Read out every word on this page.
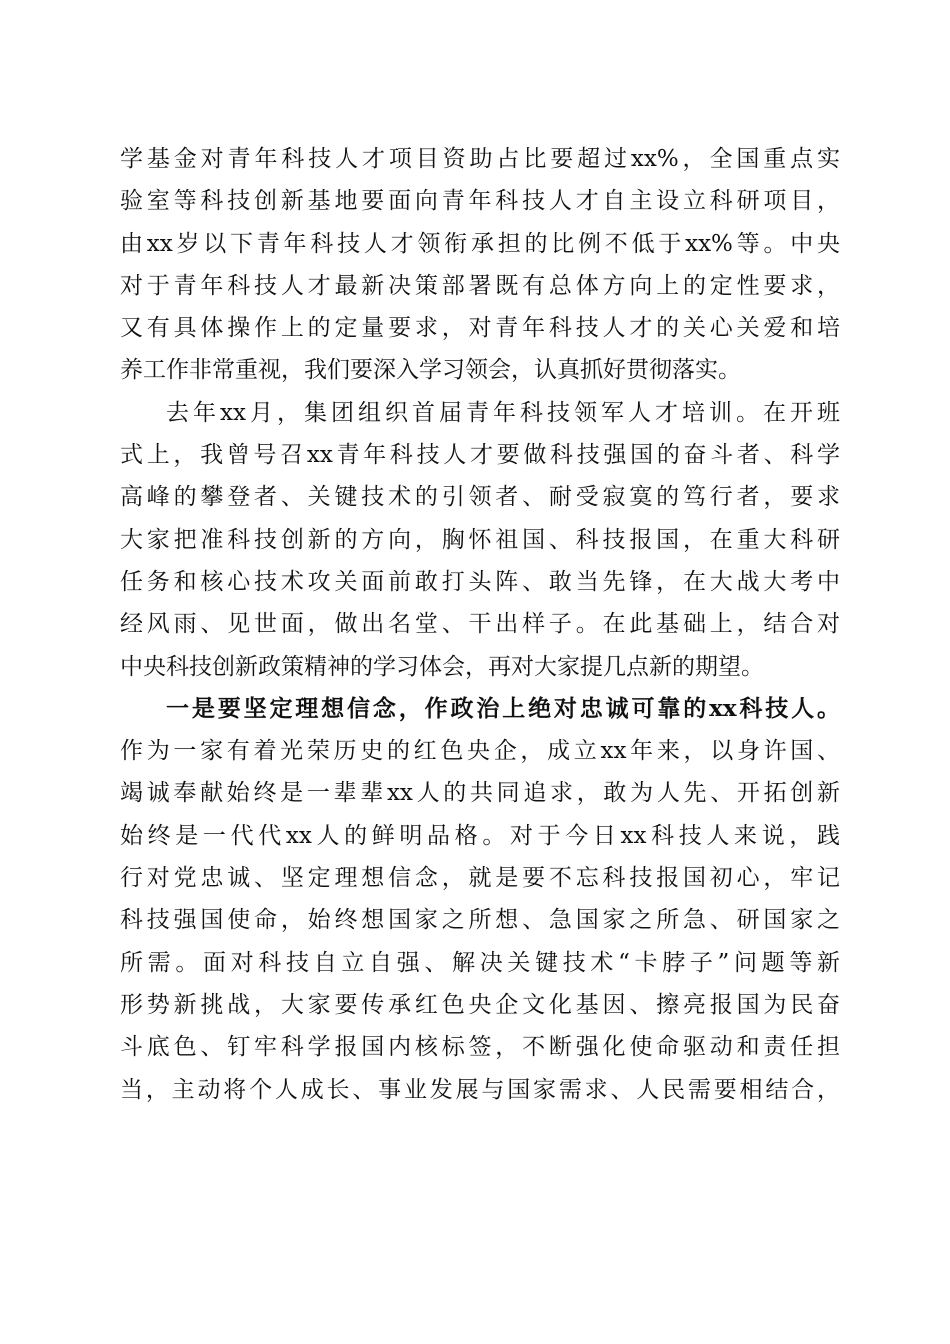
学基金对青年科技人才项目资助占比要超过xx%，全国重点实
验室等科技创新基地要面向青年科技人才自主设立科研项目，
由xx岁以下青年科技人才领衔承担的比例不低于xx%等。中央
对于青年科技人才最新决策部署既有总体方向上的定性要求，
又有具体操作上的定量要求，对青年科技人才的关心关爱和培
养工作非常重视，我们要深入学习领会，认真抓好贯彻落实。
去年xx月，集团组织首届青年科技领军人才培训。在开班
式上，我曾号召xx青年科技人才要做科技强国的奋斗者、科学
高峰的攀登者、关键技术的引领者、耐受寂寞的笃行者，要求
大家把准科技创新的方向，胸怀祖国、科技报国，在重大科研
任务和核心技术攻关面前敢打头阵、敢当先锋，在大战大考中
经风雨、见世面，做出名堂、干出样子。在此基础上，结合对
中央科技创新政策精神的学习体会，再对大家提几点新的期望。
一是要坚定理想信念，作政治上绝对忠诚可靠的xx科技人。
作为一家有着光荣历史的红色央企，成立xx年来，以身许国、
竭诚奉献始终是一辈辈xx人的共同追求，敢为人先、开拓创新
始终是一代代xx人的鲜明品格。对于今日xx科技人来说，践
行对党忠诚、坚定理想信念，就是要不忘科技报国初心，牢记
科技强国使命，始终想国家之所想、急国家之所急、研国家之
所需。面对科技自立自强、解决关键技术“卡脖子”问题等新
形势新挑战，大家要传承红色央企文化基因、擦亮报国为民奋
斗底色、钉牢科学报国内核标签，不断强化使命驱动和责任担
当，主动将个人成长、事业发展与国家需求、人民需要相结合，
